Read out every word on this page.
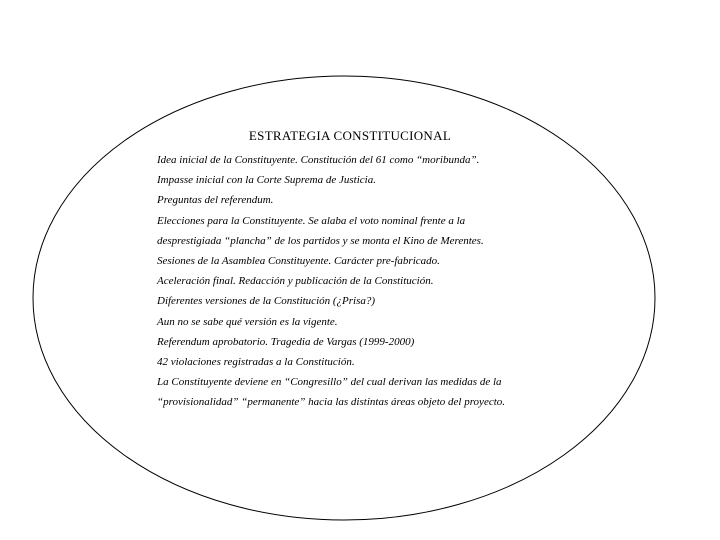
ESTRATEGIA CONSTITUCIONAL
Idea inicial de la Constituyente. Constitución del 61 como “moribunda”.
Impasse inicial con la Corte Suprema de Justicia.
Preguntas del referendum.
Elecciones para la Constituyente. Se alaba el voto nominal frente a la
desprestigiada “plancha” de los partidos y se monta el Kino de Merentes.
Sesiones de la Asamblea Constituyente. Carácter pre-fabricado.
Aceleración final. Redacción y publicación de la Constitución.
Diferentes versiones de la Constitución (¿Prisa?)
Aun no se sabe qué versión es la vigente.
Referendum aprobatorio. Tragedia de Vargas (1999-2000)
42 violaciones registradas a la Constitución.
La Constituyente deviene en “Congresillo” del cual derivan las medidas de la
“provisionalidad” “permanente” hacia las distintas áreas objeto del proyecto.
